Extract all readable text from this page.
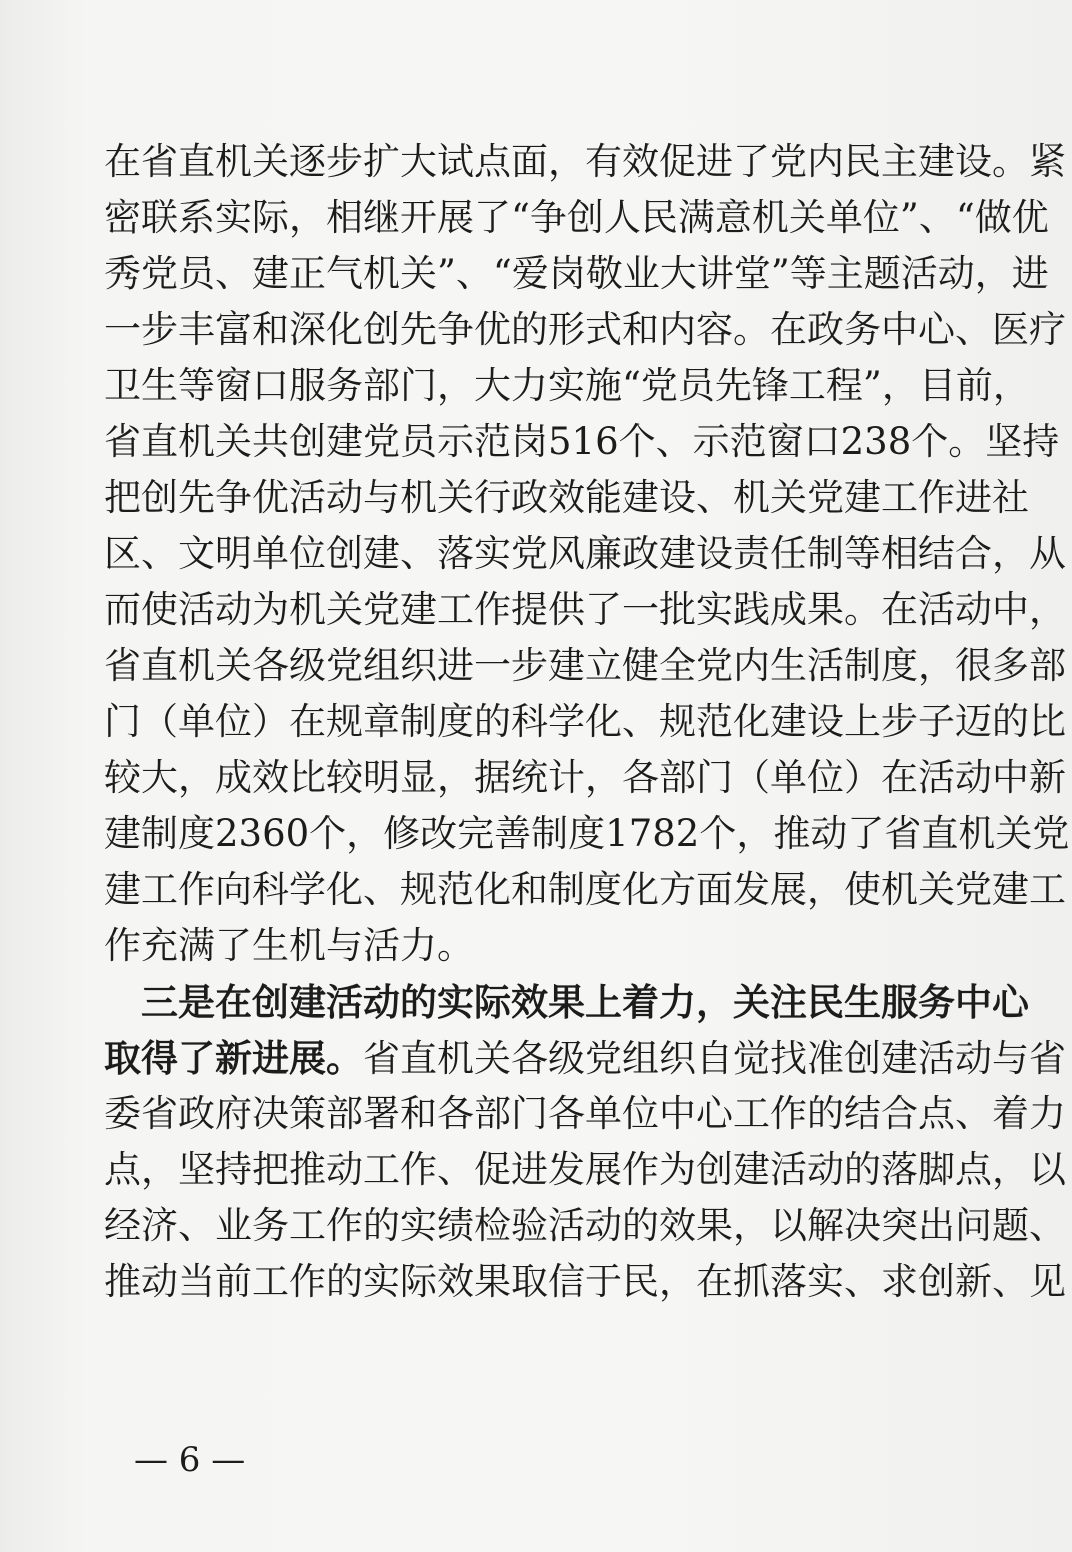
在省直机关逐步扩大试点面，有效促进了党内民主建设。紧
密联系实际，相继开展了“争创人民满意机关单位”、“做优
秀党员、建正气机关”、“爱岗敬业大讲堂”等主题活动，进
一步丰富和深化创先争优的形式和内容。在政务中心、医疗
卫生等窗口服务部门，大力实施“党员先锋工程”，目前，
省直机关共创建党员示范岗516个、示范窗口238个。坚持
把创先争优活动与机关行政效能建设、机关党建工作进社
区、文明单位创建、落实党风廉政建设责任制等相结合，从
而使活动为机关党建工作提供了一批实践成果。在活动中，
省直机关各级党组织进一步建立健全党内生活制度，很多部
门（单位）在规章制度的科学化、规范化建设上步子迈的比
较大，成效比较明显，据统计，各部门（单位）在活动中新
建制度2360个，修改完善制度1782个，推动了省直机关党
建工作向科学化、规范化和制度化方面发展，使机关党建工
作充满了生机与活力。
　三是在创建活动的实际效果上着力，关注民生服务中心
取得了新进展。省直机关各级党组织自觉找准创建活动与省
委省政府决策部署和各部门各单位中心工作的结合点、着力
点，坚持把推动工作、促进发展作为创建活动的落脚点，以
经济、业务工作的实绩检验活动的效果，以解决突出问题、
推动当前工作的实际效果取信于民，在抓落实、求创新、见
— 6 —
